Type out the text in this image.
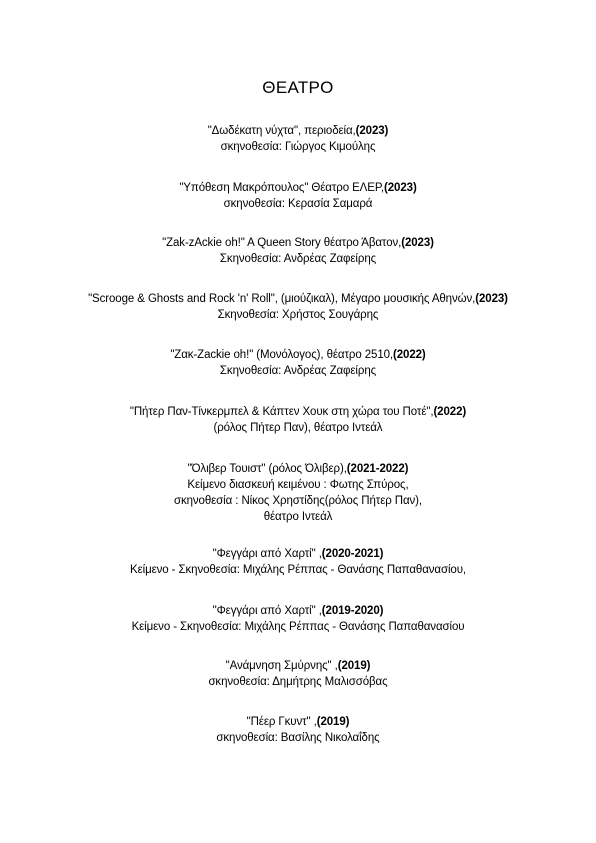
ΘΕΑΤΡΟ
"Δωδέκατη νύχτα", περιοδεία,(2023)
σκηνοθεσία: Γιώργος Κιμούλης
"Υπόθεση Μακρόπουλος" Θέατρο ΕΛΕΡ,(2023)
σκηνοθεσία: Κερασία Σαμαρά
"Zak-zAckie oh!" A Queen Story θέατρο Άβατον,(2023)
Σκηνοθεσία: Ανδρέας Ζαφείρης
"Scrooge & Ghosts and Rock 'n' Roll", (μιούζικαλ), Μέγαρο μουσικής Αθηνών,(2023)
Σκηνοθεσία: Χρήστος Σουγάρης
"Ζακ-Zackie oh!" (Μονόλογος), θέατρο 2510,(2022)
Σκηνοθεσία: Ανδρέας Ζαφείρης
"Πήτερ Παν-Τίνκερμπελ & Κάπτεν Χουκ στη χώρα του Ποτέ",(2022)
(ρόλος Πήτερ Παν), θέατρο Ιντεάλ
"Όλιβερ Τουιστ" (ρόλος Όλιβερ),(2021-2022)
Κείμενο διασκευή κειμένου : Φωτης Σπύρος,
σκηνοθεσία : Νίκος Χρηστίδης(ρόλος Πήτερ Παν),
θέατρο Ιντεάλ
"Φεγγάρι από Χαρτί" ,(2020-2021)
Κείμενο - Σκηνοθεσία: Μιχάλης Ρέππας - Θανάσης Παπαθανασίου,
"Φεγγάρι από Χαρτί" ,(2019-2020)
Κείμενο - Σκηνοθεσία: Μιχάλης Ρέππας - Θανάσης Παπαθανασίου
"Ανάμνηση Σμύρνης" ,(2019)
σκηνοθεσία: Δημήτρης Μαλισσόβας
"Πέερ Γκυντ" ,(2019)
σκηνοθεσία: Βασίλης Νικολαΐδης
